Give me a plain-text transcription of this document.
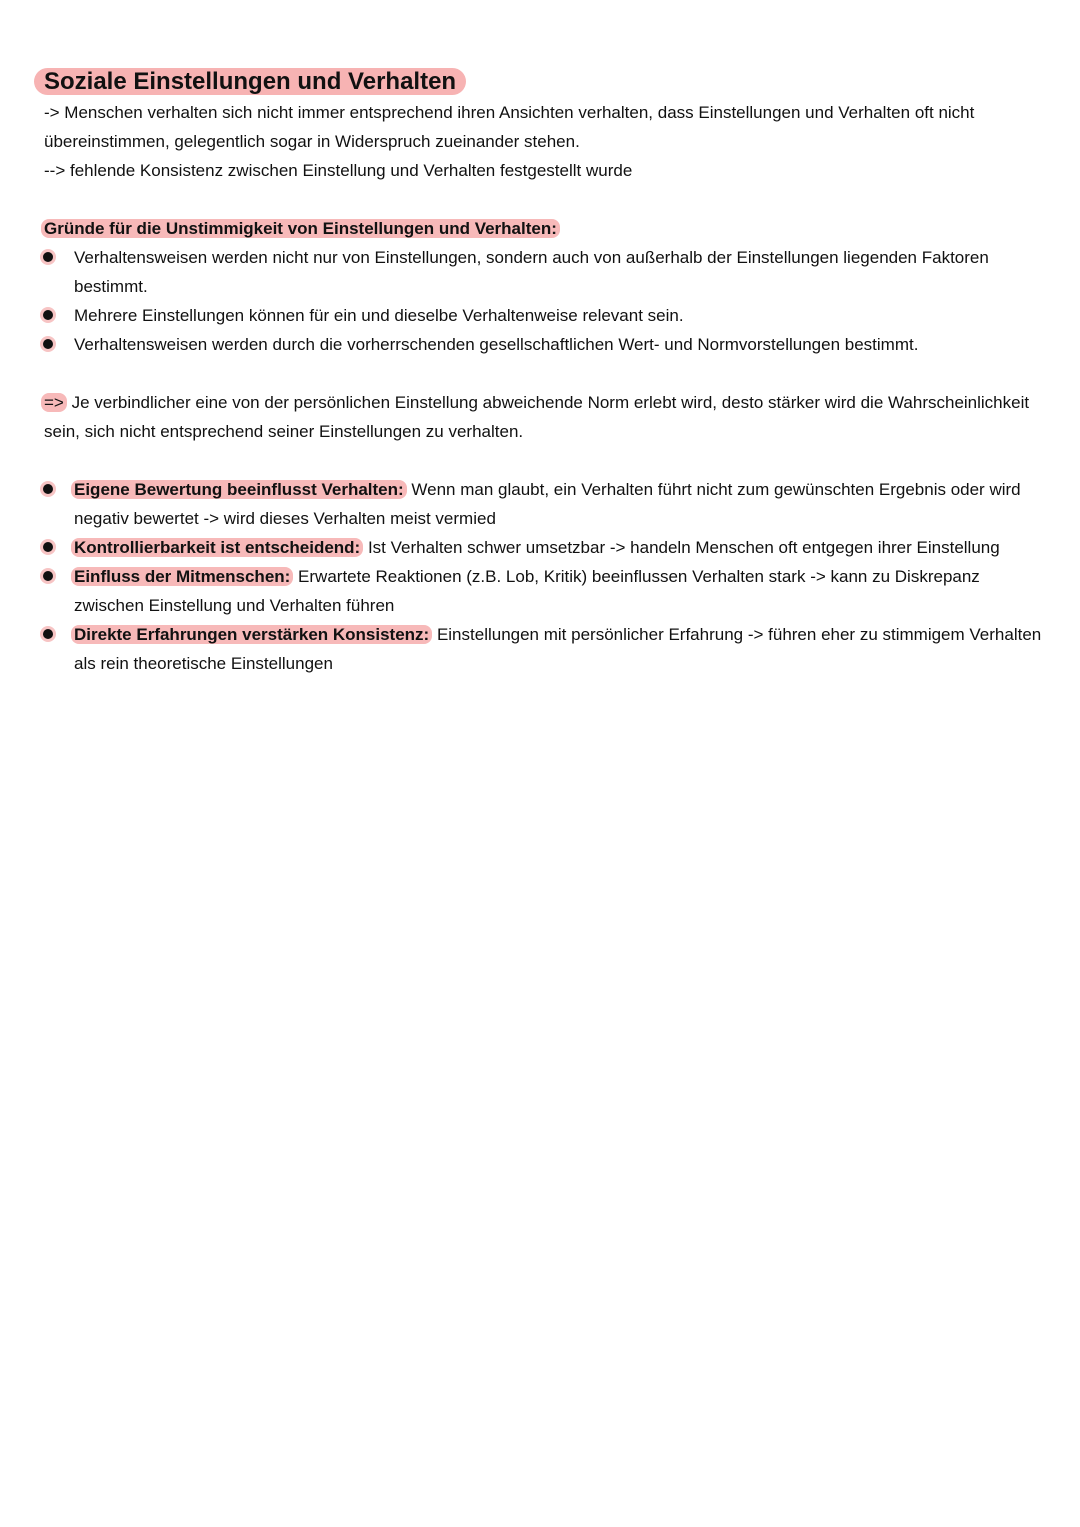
Soziale Einstellungen und Verhalten

-> Menschen verhalten sich nicht immer entsprechend ihren Ansichten verhalten, dass Einstellungen und Verhalten oft nicht übereinstimmen, gelegentlich sogar in Widerspruch zueinander stehen.

--> fehlende Konsistenz zwischen Einstellung und Verhalten festgestellt wurde

Gründe für die Unstimmigkeit von Einstellungen und Verhalten:

Verhaltensweisen werden nicht nur von Einstellungen, sondern auch von außerhalb der Einstellungen liegenden Faktoren bestimmt.
Mehrere Einstellungen können für ein und dieselbe Verhaltenweise relevant sein.
Verhaltensweisen werden durch die vorherrschenden gesellschaftlichen Wert- und Normvorstellungen bestimmt.

=> Je verbindlicher eine von der persönlichen Einstellung abweichende Norm erlebt wird, desto stärker wird die Wahrscheinlichkeit sein, sich nicht entsprechend seiner Einstellungen zu verhalten.

Eigene Bewertung beeinflusst Verhalten: Wenn man glaubt, ein Verhalten führt nicht zum gewünschten Ergebnis oder wird negativ bewertet -> wird dieses Verhalten meist vermied
Kontrollierbarkeit ist entscheidend: Ist Verhalten schwer umsetzbar -> handeln Menschen oft entgegen ihrer Einstellung
Einfluss der Mitmenschen: Erwartete Reaktionen (z.B. Lob, Kritik) beeinflussen Verhalten stark -> kann zu Diskrepanz zwischen Einstellung und Verhalten führen
Direkte Erfahrungen verstärken Konsistenz: Einstellungen mit persönlicher Erfahrung -> führen eher zu stimmigem Verhalten als rein theoretische Einstellungen
